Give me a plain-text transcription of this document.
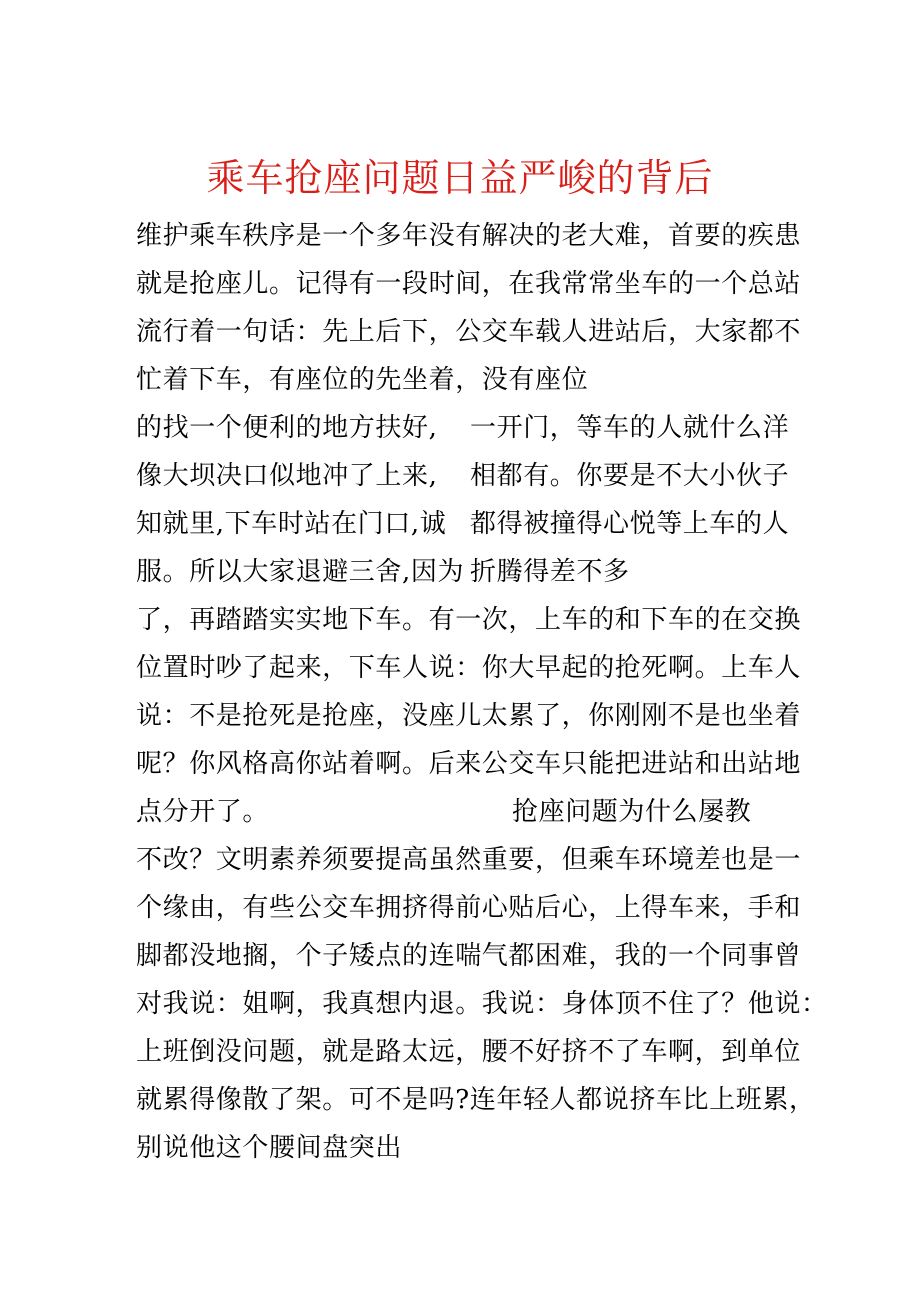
乘车抢座问题日益严峻的背后
维护乘车秩序是一个多年没有解决的老大难，首要的疾患
就是抢座儿。记得有一段时间，在我常常坐车的一个总站
流行着一句话：先上后下，公交车载人进站后，大家都不
忙着下车，有座位的先坐着，没有座位
的找一个便利的地方扶好,
像大坝决口似地冲了上来,
知就里,下车时站在门口,诚
服。所以大家退避三舍,因为
一开门，等车的人就什么洋
相都有。你要是不大小伙子
都得被撞得心悦等上车的人
折腾得差不多
了，再踏踏实实地下车。有一次，上车的和下车的在交换
位置时吵了起来，下车人说：你大早起的抢死啊。上车人
说：不是抢死是抢座，没座儿太累了，你刚刚不是也坐着
呢？你风格高你站着啊。后来公交车只能把进站和出站地
点分开了。	抢座问题为什么屡教
不改？文明素养须要提高虽然重要，但乘车环境差也是一
个缘由，有些公交车拥挤得前心贴后心，上得车来，手和
脚都没地搁，个子矮点的连喘气都困难，我的一个同事曾
对我说：姐啊，我真想内退。我说：身体顶不住了？他说：
上班倒没问题，就是路太远，腰不好挤不了车啊，到单位
就累得像散了架。可不是吗?连年轻人都说挤车比上班累，
别说他这个腰间盘突出
